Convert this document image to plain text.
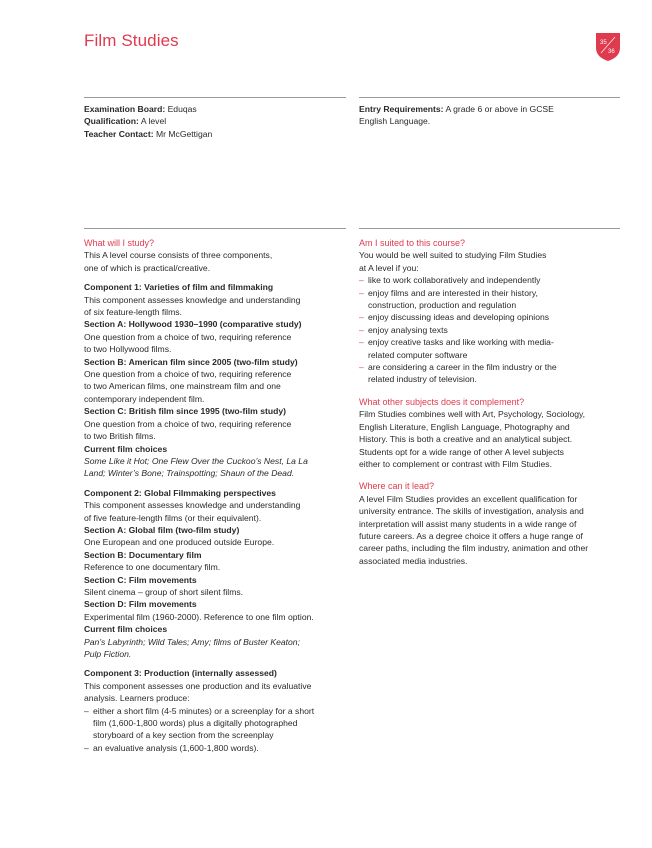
Film Studies	35
36

Examination Board: Eduqas

Qualification: A level

Teacher Contact: Mr McGettigan

Entry Requirements: A grade 6 or above in GCSE

English Language.

What will I study?

This A level course consists of three components,

one of which is practical/creative.

Component 1: Varieties of film and filmmaking

This component assesses knowledge and understanding

of six feature-length films.

Section A: Hollywood 1930–1990 (comparative study)

One question from a choice of two, requiring reference

to two Hollywood films.

Section B: American film since 2005 (two-film study)

One question from a choice of two, requiring reference

to two American films, one mainstream film and one

contemporary independent film.

Section C: British film since 1995 (two-film study)

One question from a choice of two, requiring reference

to two British films.

Current film choices

Some Like it Hot; One Flew Over the Cuckoo’s Nest, La La

Land; Winter’s Bone; Trainspotting; Shaun of the Dead.

Component 2: Global Filmmaking perspectives

This component assesses knowledge and understanding

of five feature-length films (or their equivalent).

Section A: Global film (two-film study)

One European and one produced outside Europe.

Section B: Documentary film

Reference to one documentary film.

Section C: Film movements

Silent cinema – group of short silent films.

Section D: Film movements

Experimental film (1960-2000). Reference to one film option.

Current film choices

Pan’s Labyrinth; Wild Tales; Amy; films of Buster Keaton;

Pulp Fiction.

Component 3: Production (internally assessed)

This component assesses one production and its evaluative

analysis. Learners produce:

– either a short film (4-5 minutes) or a screenplay for a short

film (1,600-1,800 words) plus a digitally photographed

storyboard of a key section from the screenplay

– an evaluative analysis (1,600-1,800 words).

Am I suited to this course?

You would be well suited to studying Film Studies

at A level if you:

– like to work collaboratively and independently

– enjoy films and are interested in their history,

construction, production and regulation

– enjoy discussing ideas and developing opinions

– enjoy analysing texts

– enjoy creative tasks and like working with media-

related computer software

– are considering a career in the film industry or the

related industry of television.

What other subjects does it complement?

Film Studies combines well with Art, Psychology, Sociology,

English Literature, English Language, Photography and

History. This is both a creative and an analytical subject.

Students opt for a wide range of other A level subjects

either to complement or contrast with Film Studies.

Where can it lead?

A level Film Studies provides an excellent qualification for

university entrance. The skills of investigation, analysis and

interpretation will assist many students in a wide range of

future careers. As a degree choice it offers a huge range of

career paths, including the film industry, animation and other

associated media industries.
